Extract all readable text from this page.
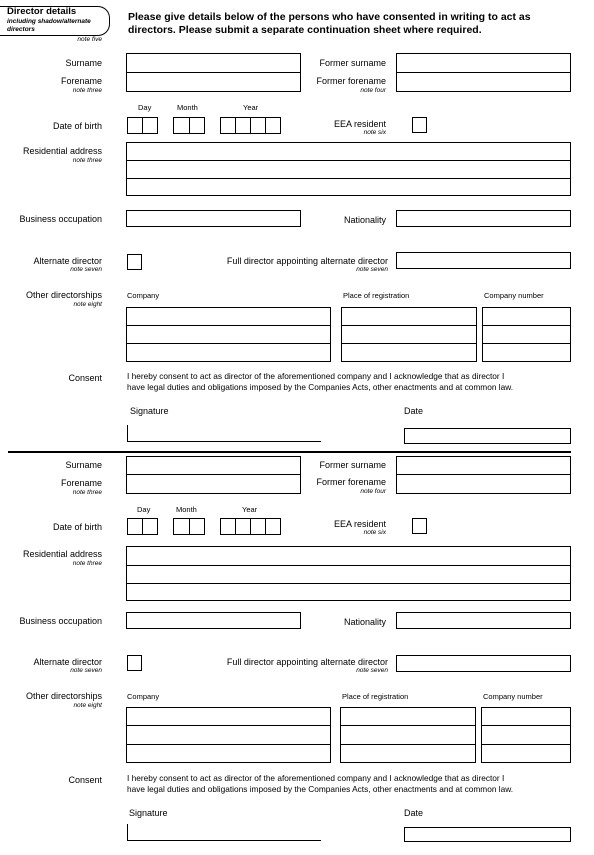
Director details
including shadow/alternate
directors
note five
Please give details below of the persons who have consented in writing to act as
directors. Please submit a separate continuation sheet where required.
Surname
Forename
note three
Former surname
Former forename
note four
Day	Month	Year
Date of birth	EEA resident
note six
Residential address
note three
Business occupation	Nationality
Alternate director
note seven
Full director appointing alternate director
note seven
Other directorships
note eight
Company	Place of registration	Company number
Consent	I hereby consent to act as director of the aforementioned company and I acknowledge that as director I
have legal duties and obligations imposed by the Companies Acts, other enactments and at common law.
Signature	Date
Surname
Forename
note three
Former surname
Former forename
note four
Day	Month	Year
Date of birth	EEA resident
note six
Residential address
note three
Business occupation	Nationality
Alternate director
note seven
Full director appointing alternate director
note seven
Other directorships
note eight
Company	Place of registration	Company number
Consent	I hereby consent to act as director of the aforementioned company and I acknowledge that as director I
have legal duties and obligations imposed by the Companies Acts, other enactments and at common law.
Signature	Date
